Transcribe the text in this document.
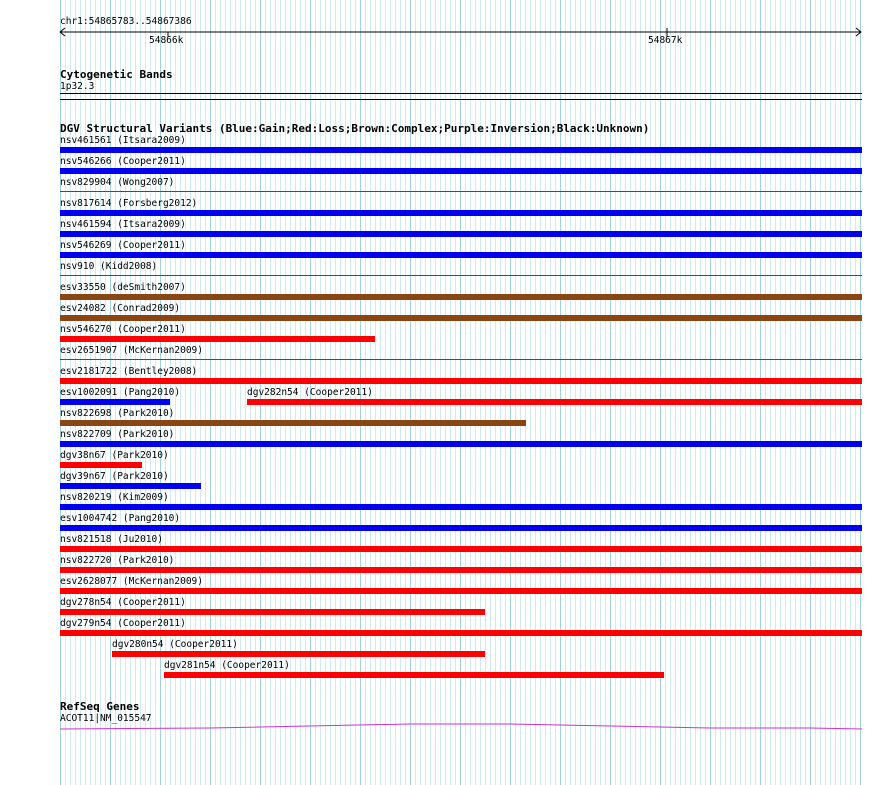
chr1:54865783..54867386
54866k	54867k
Cytogenetic Bands
1p32.3
DGV Structural Variants (Blue:Gain;Red:Loss;Brown:Complex;Purple:Inversion;Black:Unknown)
nsv461561 (Itsara2009)
nsv546266 (Cooper2011)
nsv829904 (Wong2007)
nsv817614 (Forsberg2012)
nsv461594 (Itsara2009)
nsv546269 (Cooper2011)
nsv910 (Kidd2008)
esv33550 (deSmith2007)
esv24082 (Conrad2009)
nsv546270 (Cooper2011)
esv2651907 (McKernan2009)
esv2181722 (Bentley2008)
esv1002091 (Pang2010)	dgv282n54 (Cooper2011)
nsv822698 (Park2010)
nsv822709 (Park2010)
dgv38n67 (Park2010)
dgv39n67 (Park2010)
nsv820219 (Kim2009)
esv1004742 (Pang2010)
nsv821518 (Ju2010)
nsv822720 (Park2010)
esv2628077 (McKernan2009)
dgv278n54 (Cooper2011)
dgv279n54 (Cooper2011)
dgv280n54 (Cooper2011)
dgv281n54 (Cooper2011)
RefSeq Genes
ACOT11|NM_015547
